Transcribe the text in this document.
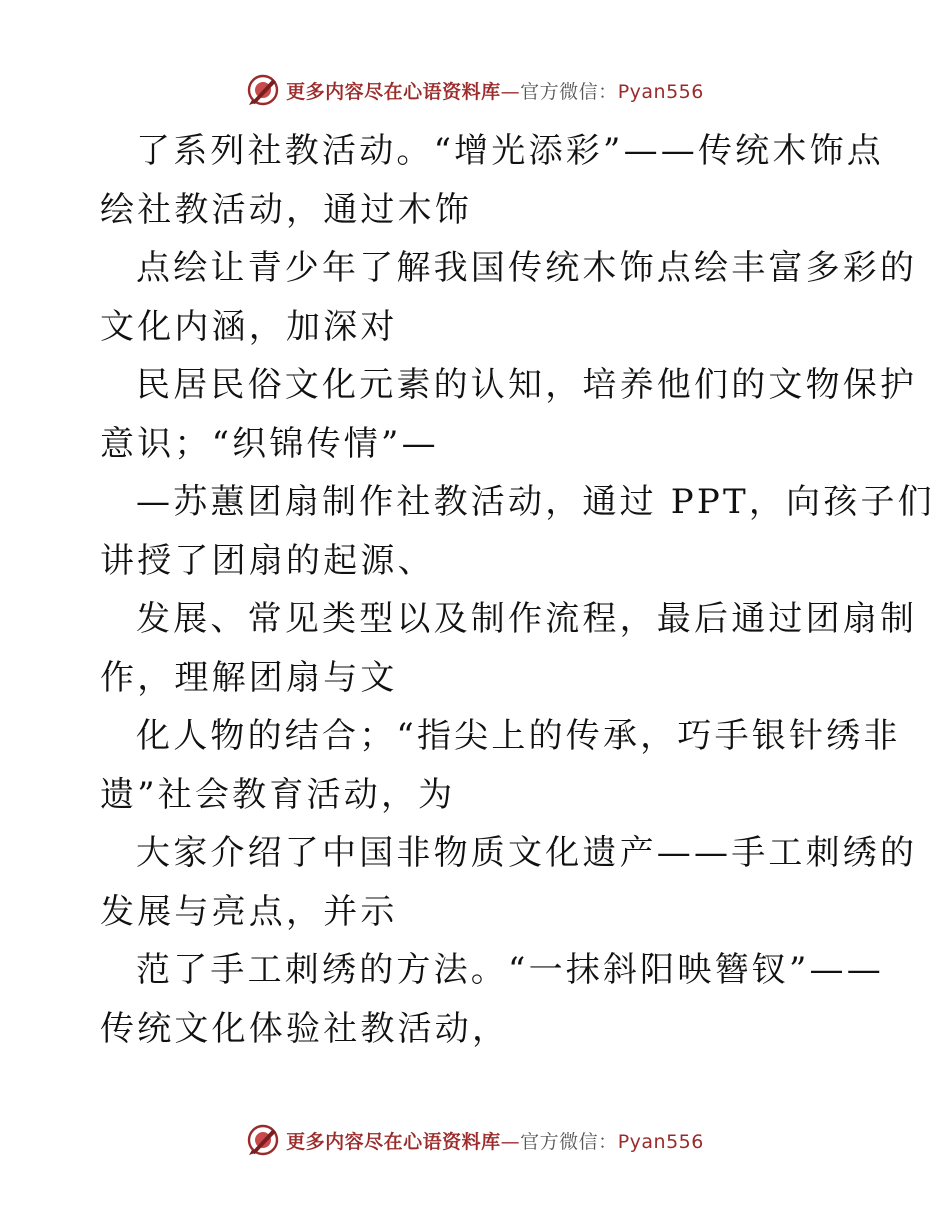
更多内容尽在心语资料库—官方微信：Pyan556
了系列社教活动。“增光添彩”——传统木饰点
绘社教活动，通过木饰
点绘让青少年了解我国传统木饰点绘丰富多彩的
文化内涵，加深对
民居民俗文化元素的认知，培养他们的文物保护
意识；“织锦传情”—
—苏蕙团扇制作社教活动，通过 PPT，向孩子们
讲授了团扇的起源、
发展、常见类型以及制作流程，最后通过团扇制
作，理解团扇与文
化人物的结合；“指尖上的传承，巧手银针绣非
遗”社会教育活动，为
大家介绍了中国非物质文化遗产——手工刺绣的
发展与亮点，并示
范了手工刺绣的方法。“一抹斜阳映簪钗”——
传统文化体验社教活动，
更多内容尽在心语资料库—官方微信：Pyan556
